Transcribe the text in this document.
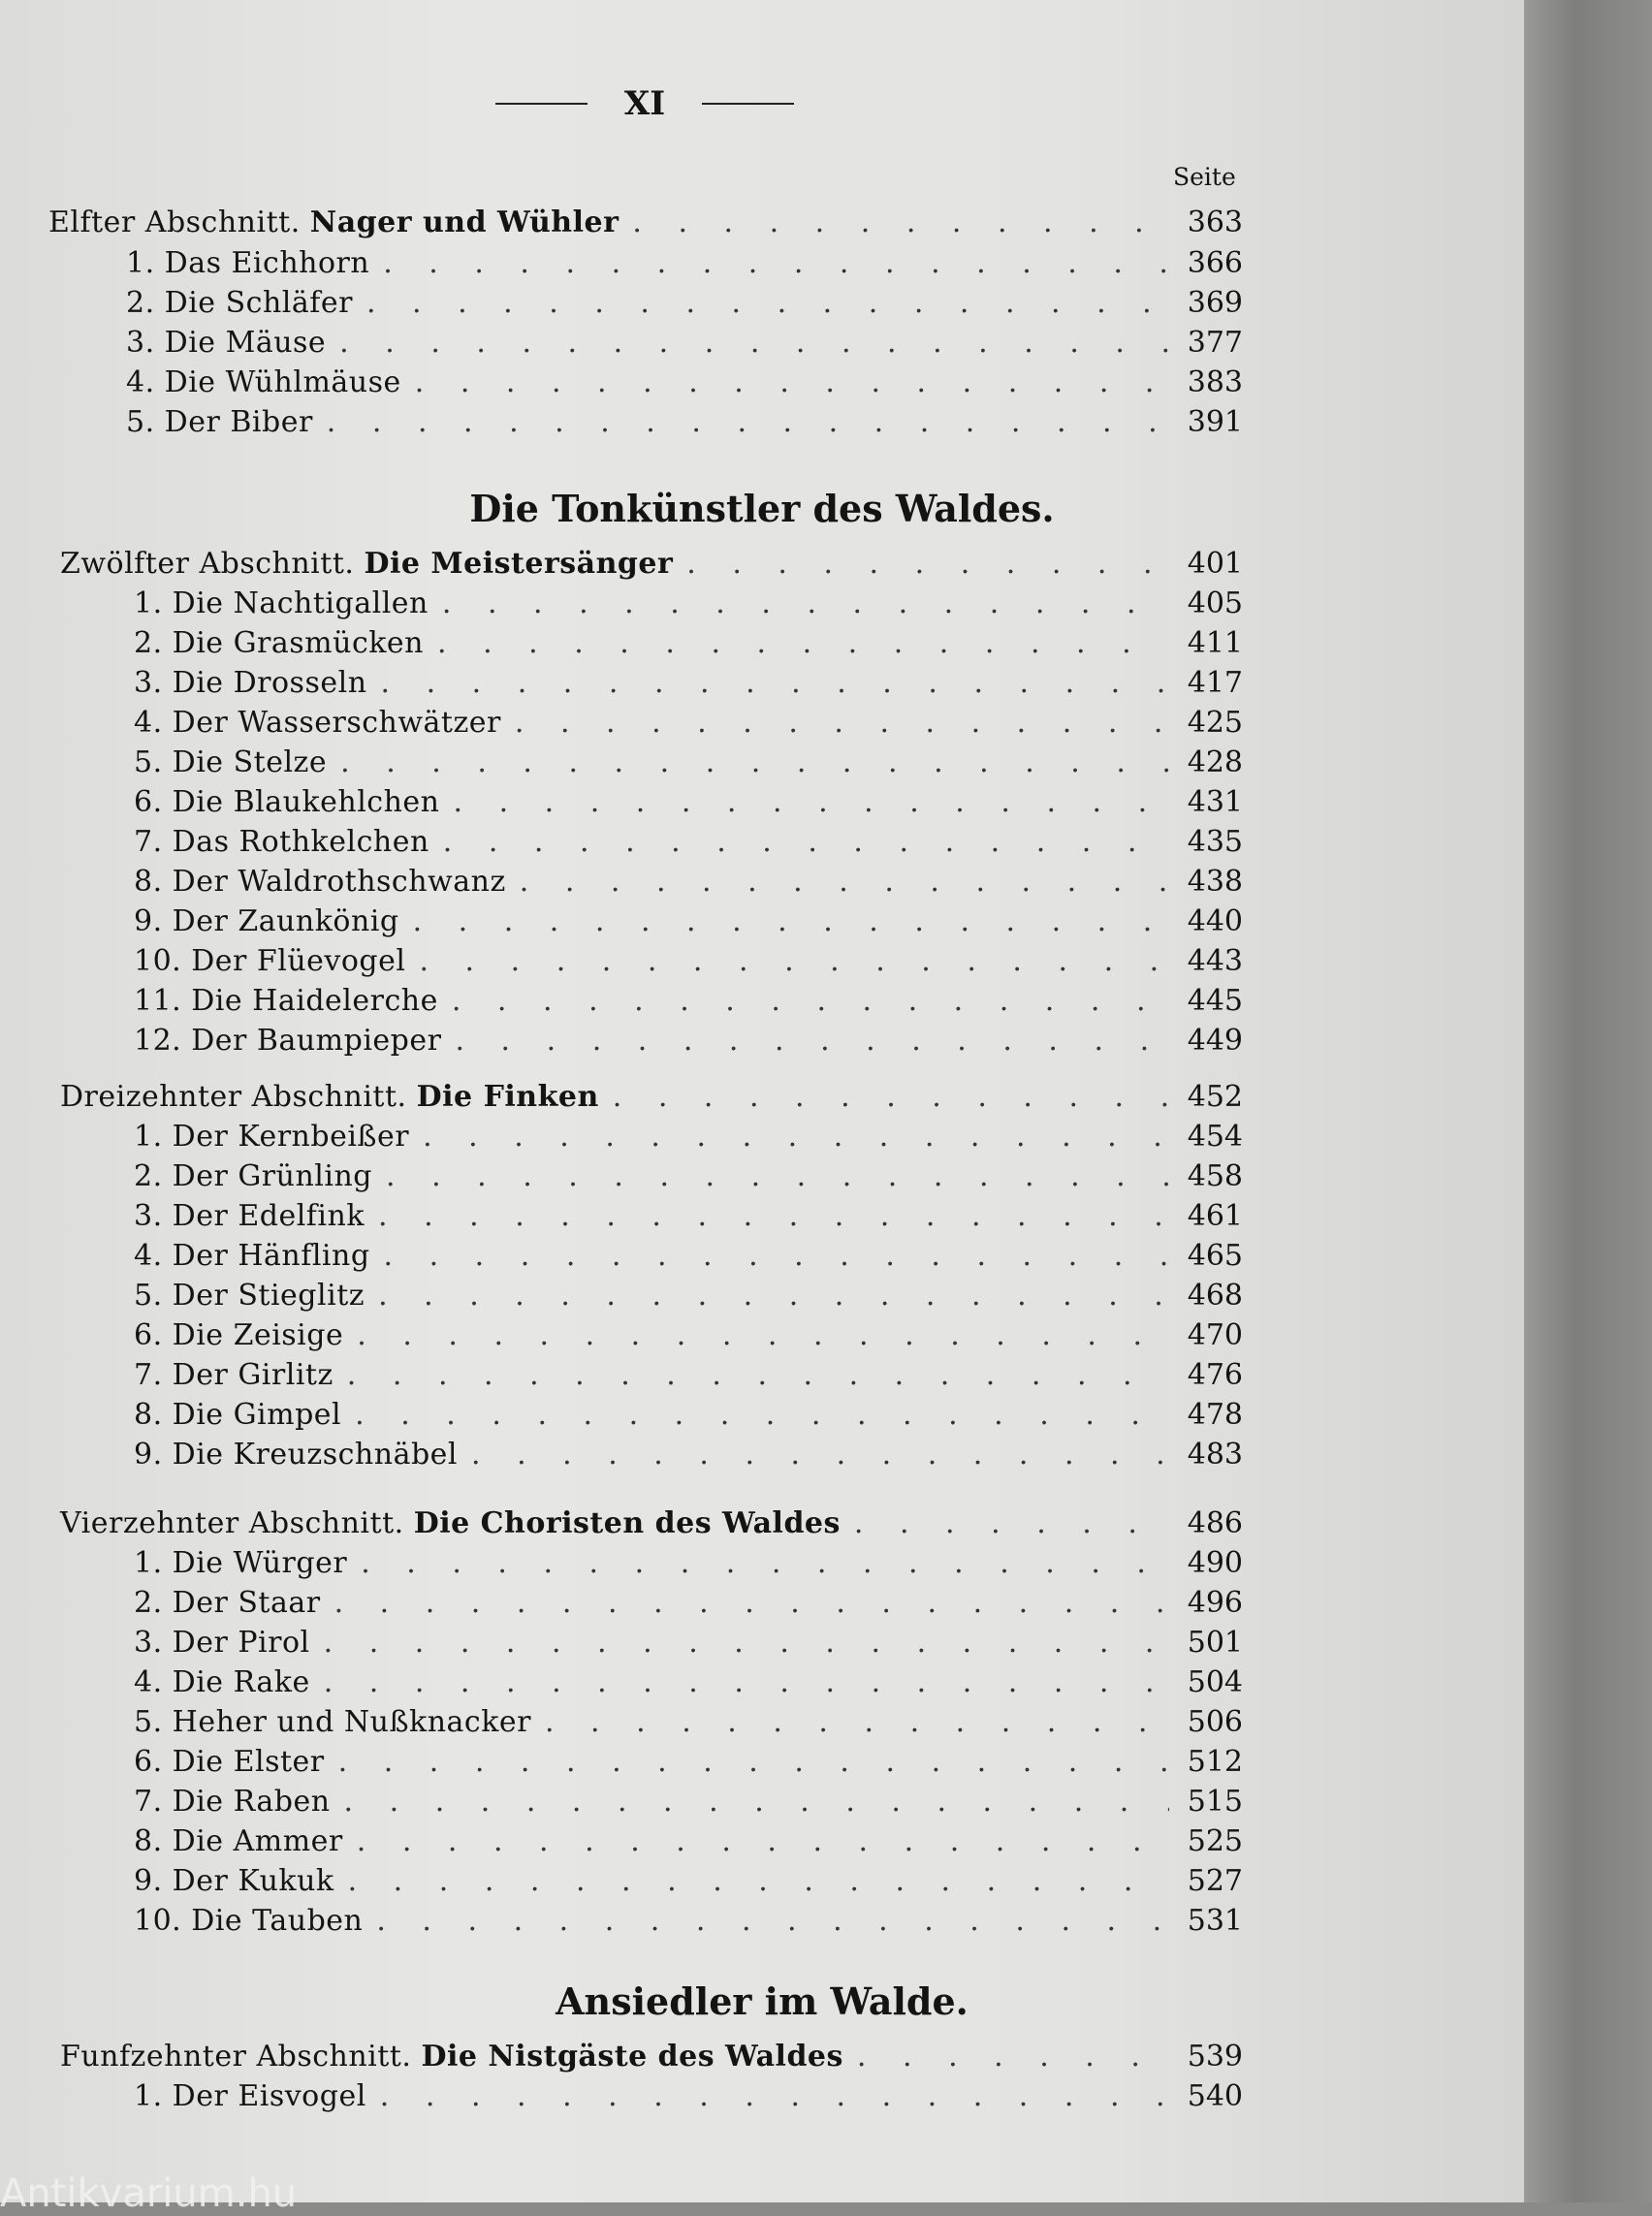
XI
Seite
Elfter Abschnitt. Nager und Wühler . . .	363
1. Das Eichhorn . . .	366
2. Die Schläfer . . .	369
3. Die Mäuse . . .	377
4. Die Wühlmäuse . . .	383
5. Der Biber . . .	391
Die Tonkünstler des Waldes.
Zwölfter Abschnitt. Die Meistersänger . . .	401
1. Die Nachtigallen . . .	405
2. Die Grasmücken . . .	411
3. Die Drosseln . . .	417
4. Der Wasserschwätzer . . .	425
5. Die Stelze . . .	428
6. Die Blaukehlchen . . .	431
7. Das Rothkelchen . . .	435
8. Der Waldrothschwanz . . .	438
9. Der Zaunkönig . . .	440
10. Der Flüevogel . . .	443
11. Die Haidelerche . . .	445
12. Der Baumpieper . . .	449
Dreizehnter Abschnitt. Die Finken . . .	452
1. Der Kernbeißer . . .	454
2. Der Grünling . . .	458
3. Der Edelfink . . .	461
4. Der Hänfling . . .	465
5. Der Stieglitz . . .	468
6. Die Zeisige . . .	470
7. Der Girlitz . . .	476
8. Die Gimpel . . .	478
9. Die Kreuzschnäbel . . .	483
Vierzehnter Abschnitt. Die Choristen des Waldes . . .	486
1. Die Würger . . .	490
2. Der Staar . . .	496
3. Der Pirol . . .	501
4. Die Rake . . .	504
5. Heher und Nußknacker . . .	506
6. Die Elster . . .	512
7. Die Raben . . .	515
8. Die Ammer . . .	525
9. Der Kukuk . . .	527
10. Die Tauben . . .	531
Ansiedler im Walde.
Funfzehnter Abschnitt. Die Nistgäste des Waldes . . .	539
1. Der Eisvogel . . .	540
Antikvarium.hu
